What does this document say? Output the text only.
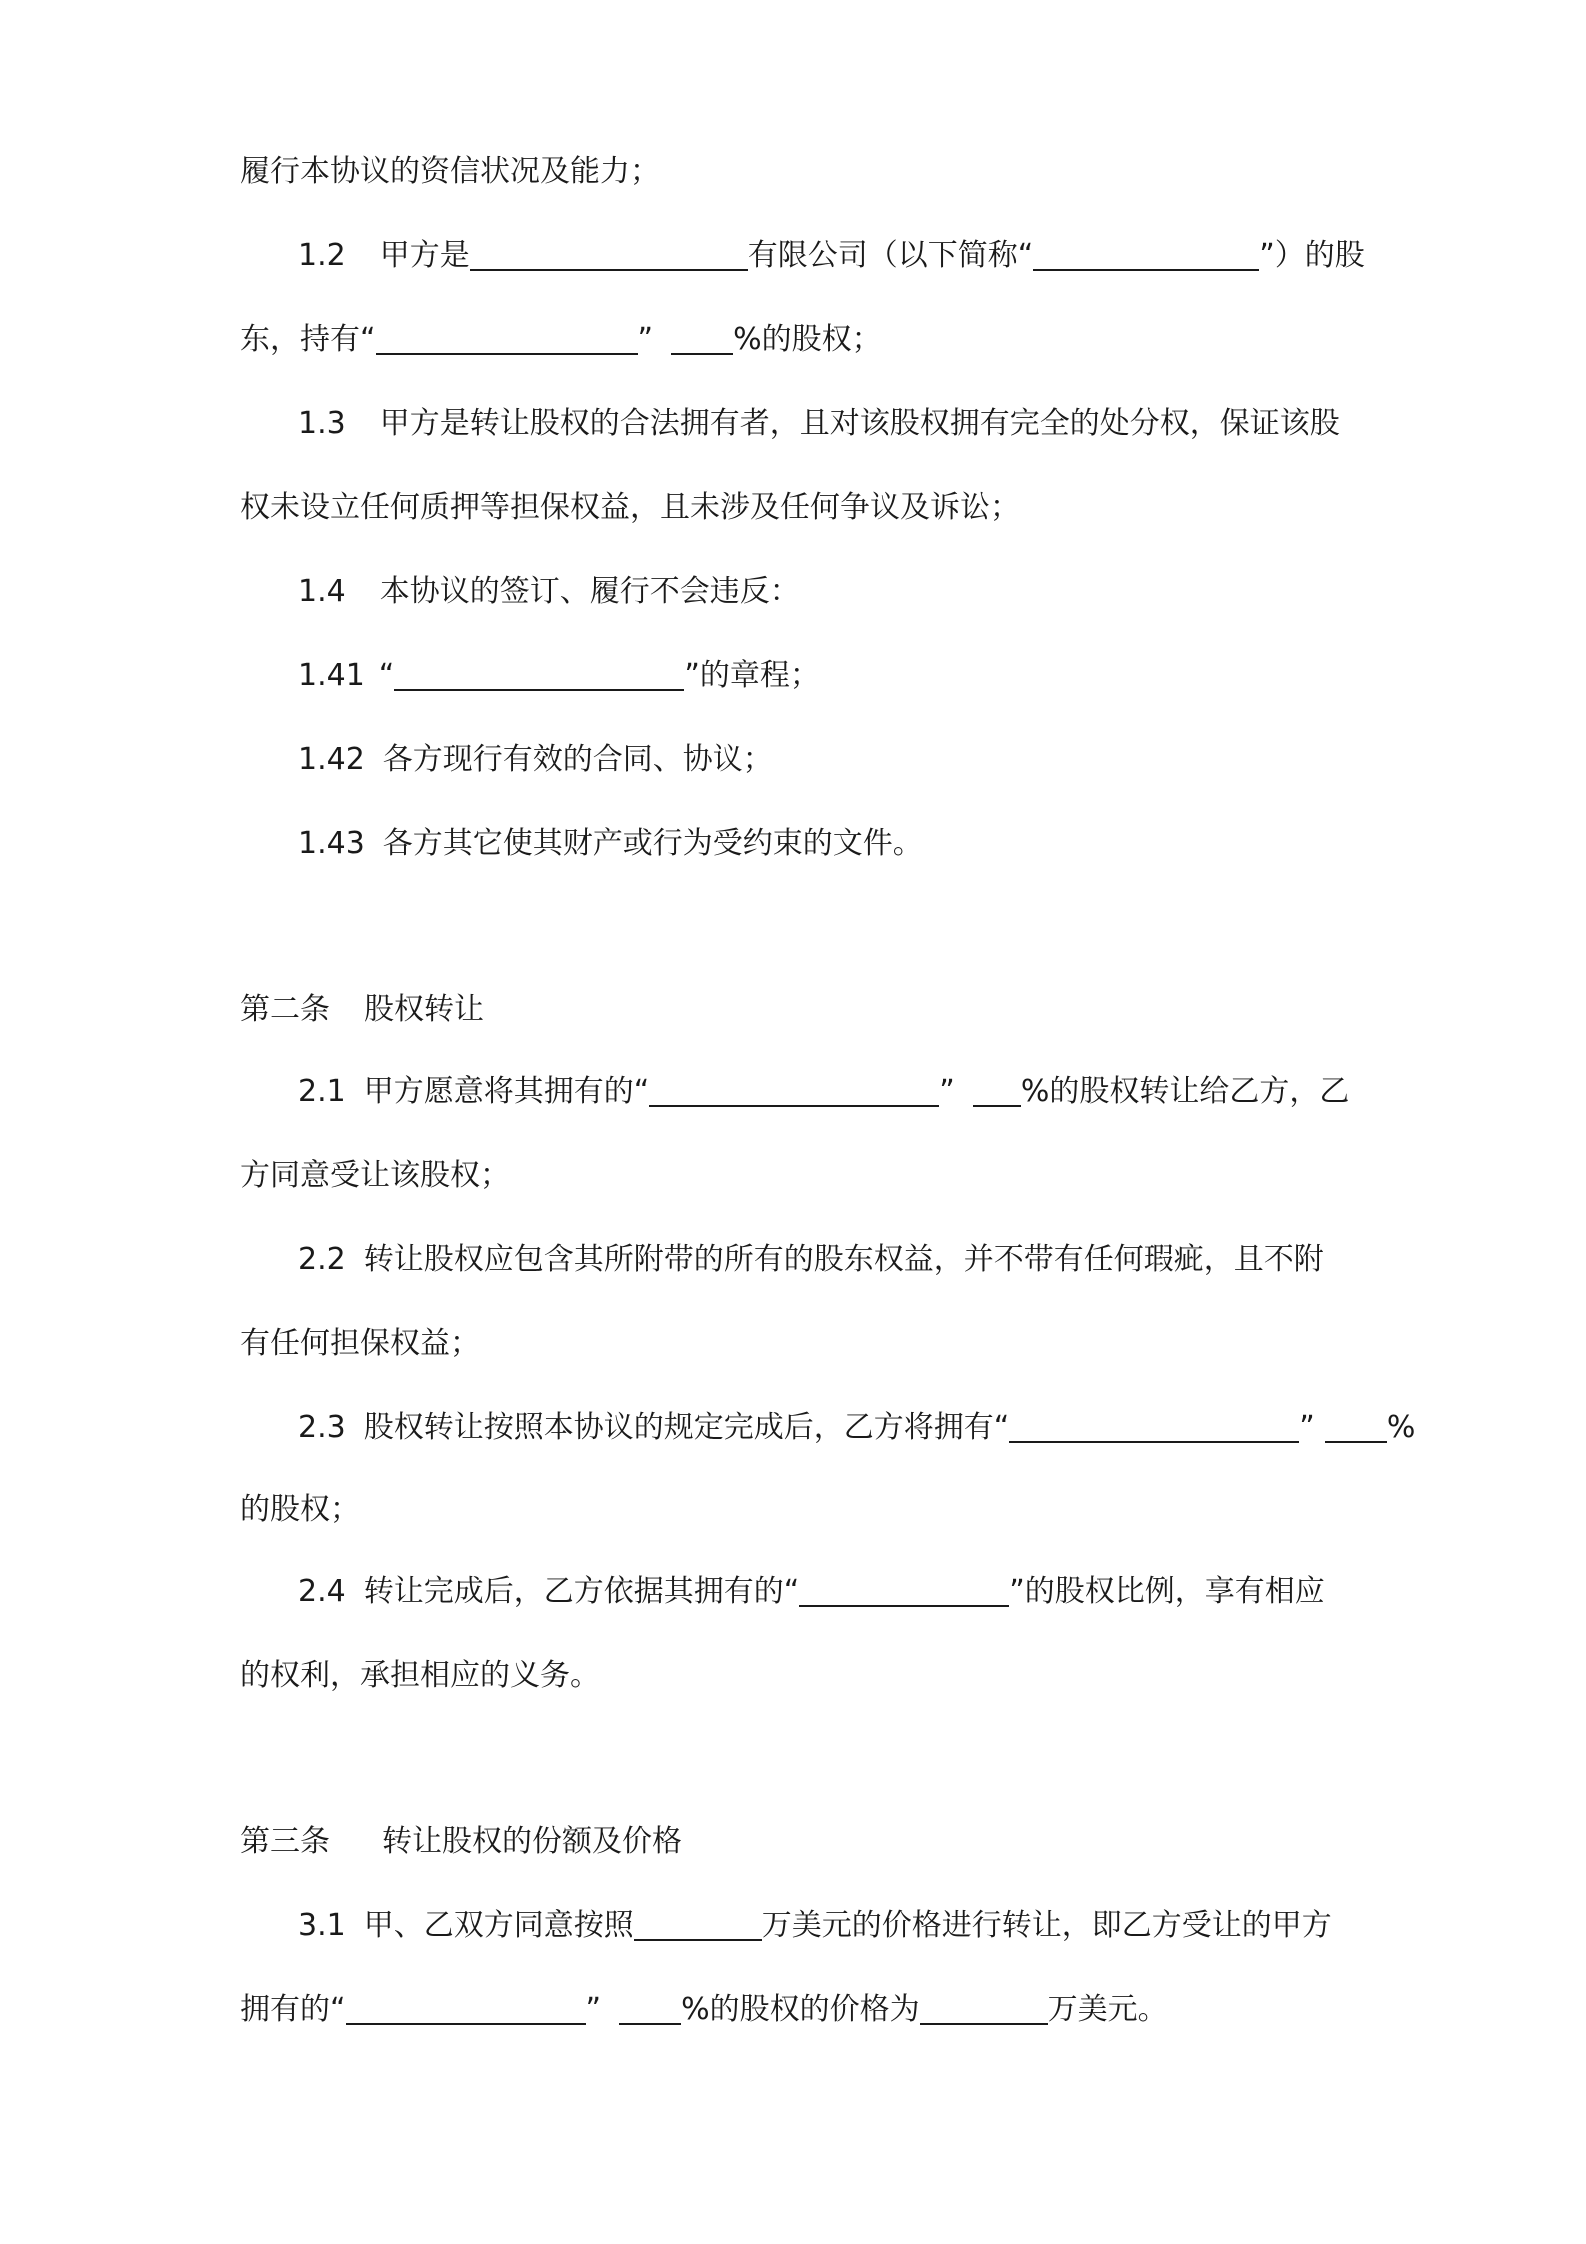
履行本协议的资信状况及能力；
1.2 甲方是	有限公司（以下简称“	”）的股
东，持有“	”	%的股权；
1.3 甲方是转让股权的合法拥有者，且对该股权拥有完全的处分权，保证该股
权未设立任何质押等担保权益，且未涉及任何争议及诉讼；
1.4 本协议的签订、履行不会违反：
1.41 “	”的章程；
1.42 各方现行有效的合同、协议；
1.43 各方其它使其财产或行为受约束的文件。
第二条 股权转让
2.1 甲方愿意将其拥有的“	” %的股权转让给乙方，乙
方同意受让该股权；
2.2 转让股权应包含其所附带的所有的股东权益，并不带有任何瑕疵，且不附
有任何担保权益；
2.3 股权转让按照本协议的规定完成后，乙方将拥有“	” %
的股权；
2.4 转让完成后，乙方依据其拥有的“	”的股权比例，享有相应
的权利，承担相应的义务。
第三条 转让股权的份额及价格
3.1 甲、乙双方同意按照	万美元的价格进行转让，即乙方受让的甲方
拥有的“	”	%的股权的价格为	万美元。
